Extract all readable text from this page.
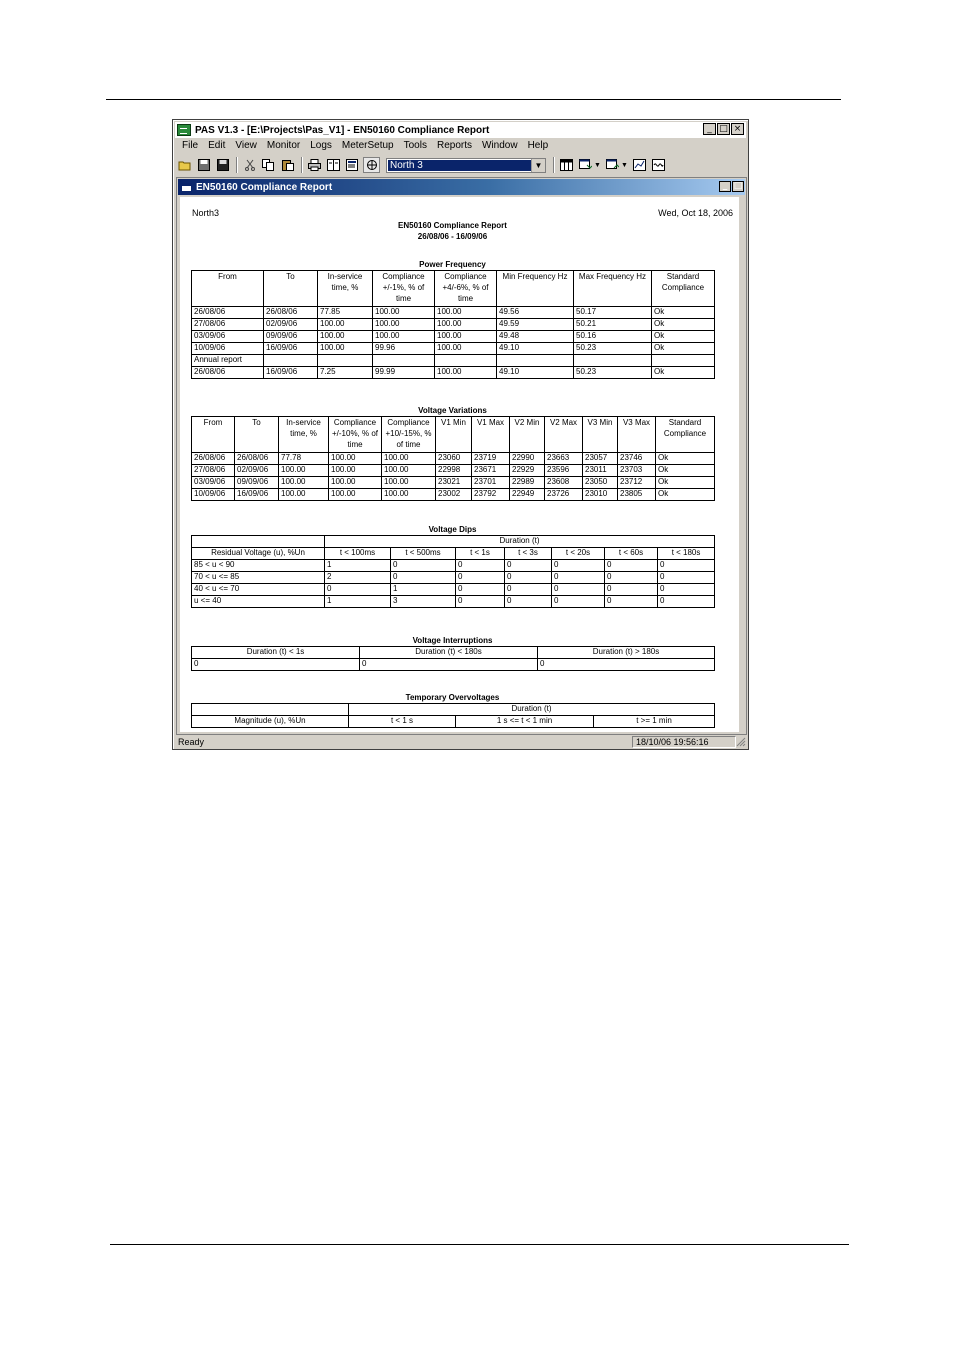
PAS V1.3 - [E:\Projects\Pas_V1] - EN50160 Compliance Report	_ □ ×
File	Edit	View	Monitor	Logs	MeterSetup	Tools	Reports	Window	Help
North 3	▼	▼	▼
EN50160 Compliance Report	_ □
North3	Wed, Oct 18, 2006
EN50160 Compliance Report
26/08/06 - 16/09/06
Power Frequency
From	To	In-service time, %	Compliance +/-1%, % of time	Compliance +4/-6%, % of time	Min Frequency Hz	Max Frequency Hz	Standard Compliance
26/08/06	26/08/06	77.85	100.00	100.00	49.56	50.17	Ok
27/08/06	02/09/06	100.00	100.00	100.00	49.59	50.21	Ok
03/09/06	09/09/06	100.00	100.00	100.00	49.48	50.16	Ok
10/09/06	16/09/06	100.00	99.96	100.00	49.10	50.23	Ok
Annual report							
26/08/06	16/09/06	7.25	99.99	100.00	49.10	50.23	Ok
Voltage Variations
From	To	In-service time, %	Compliance +/-10%, % of time	Compliance +10/-15%, % of time	V1 Min	V1 Max	V2 Min	V2 Max	V3 Min	V3 Max	Standard Compliance
26/08/06	26/08/06	77.78	100.00	100.00	23060	23719	22990	23663	23057	23746	Ok
27/08/06	02/09/06	100.00	100.00	100.00	22998	23671	22929	23596	23011	23703	Ok
03/09/06	09/09/06	100.00	100.00	100.00	23021	23701	22989	23608	23050	23712	Ok
10/09/06	16/09/06	100.00	100.00	100.00	23002	23792	22949	23726	23010	23805	Ok
Voltage Dips
	Duration (t)						
Residual Voltage (u), %Un	t < 100ms	t < 500ms	t < 1s	t < 3s	t < 20s	t < 60s	t < 180s
85 < u < 90	1	0	0	0	0	0	0
70 < u <= 85	2	0	0	0	0	0	0
40 < u <= 70	0	1	0	0	0	0	0
u <= 40	1	3	0	0	0	0	0
Voltage Interruptions
Duration (t) < 1s	Duration (t) < 180s	Duration (t) > 180s
0	0	0
Temporary Overvoltages
	Duration (t)		
Magnitude (u), %Un	t < 1 s	1 s <= t < 1 min	t >= 1 min
Ready	18/10/06 19:56:16
